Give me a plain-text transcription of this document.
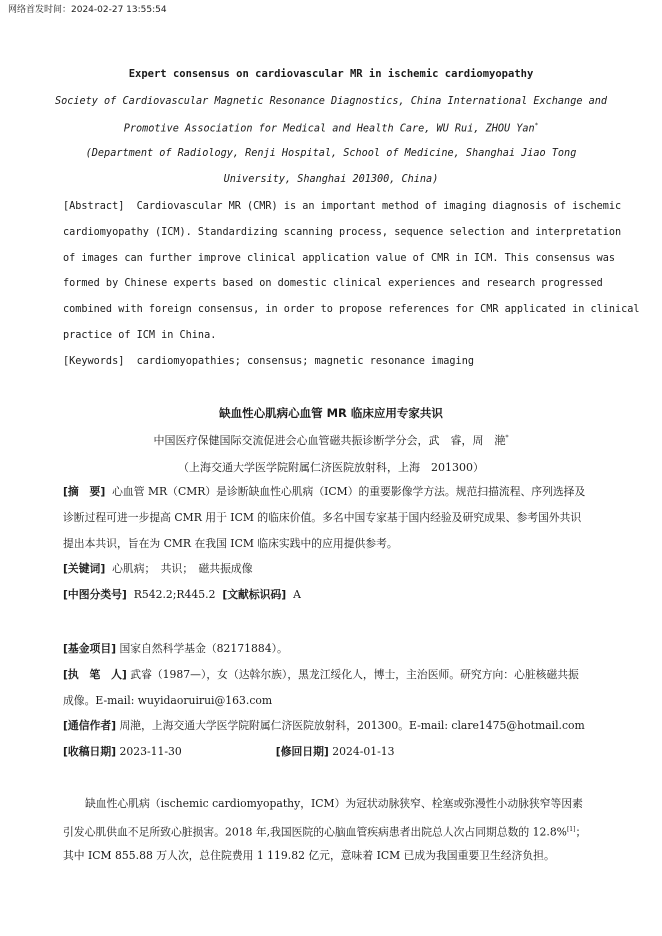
网络首发时间：2024-02-27 13:55:54
Expert consensus on cardiovascular MR in ischemic cardiomyopathy
Society of Cardiovascular Magnetic Resonance Diagnostics, China International Exchange and
Promotive Association for Medical and Health Care, WU Rui, ZHOU Yan*
(Department of Radiology, Renji Hospital, School of Medicine, Shanghai Jiao Tong
University, Shanghai 201300, China)
[Abstract] Cardiovascular MR (CMR) is an important method of imaging diagnosis of ischemic
cardiomyopathy (ICM). Standardizing scanning process, sequence selection and interpretation
of images can further improve clinical application value of CMR in ICM. This consensus was
formed by Chinese experts based on domestic clinical experiences and research progressed
combined with foreign consensus, in order to propose references for CMR applicated in clinical
practice of ICM in China.
[Keywords] cardiomyopathies; consensus; magnetic resonance imaging
缺血性心肌病心血管 MR 临床应用专家共识
中国医疗保健国际交流促进会心血管磁共振诊断学分会，武　睿，周　滟*
（上海交通大学医学院附属仁济医院放射科，上海　201300）
[摘　要] 心血管 MR（CMR）是诊断缺血性心肌病（ICM）的重要影像学方法。规范扫描流程、序列选择及
诊断过程可进一步提高 CMR 用于 ICM 的临床价值。多名中国专家基于国内经验及研究成果、参考国外共识
提出本共识，旨在为 CMR 在我国 ICM 临床实践中的应用提供参考。
[关键词] 心肌病；　共识；　磁共振成像
[中图分类号] R542.2;R445.2 [文献标识码] A
[基金项目] 国家自然科学基金（82171884）。
[执　笔　人] 武睿（1987—），女（达斡尔族），黑龙江绥化人，博士，主治医师。研究方向：心脏核磁共振
成像。E-mail: wuyidaoruirui@163.com
[通信作者] 周滟，上海交通大学医学院附属仁济医院放射科，201300。E-mail: clare1475@hotmail.com
[收稿日期] 2023-11-30	[修回日期] 2024-01-13
缺血性心肌病（ischemic cardiomyopathy，ICM）为冠状动脉狭窄、栓塞或弥漫性小动脉狭窄等因素
引发心肌供血不足所致心脏损害。2018 年,我国医院的心脑血管疾病患者出院总人次占同期总数的 12.8%[1]；
其中 ICM 855.88 万人次，总住院费用 1 119.82 亿元，意味着 ICM 已成为我国重要卫生经济负担。
